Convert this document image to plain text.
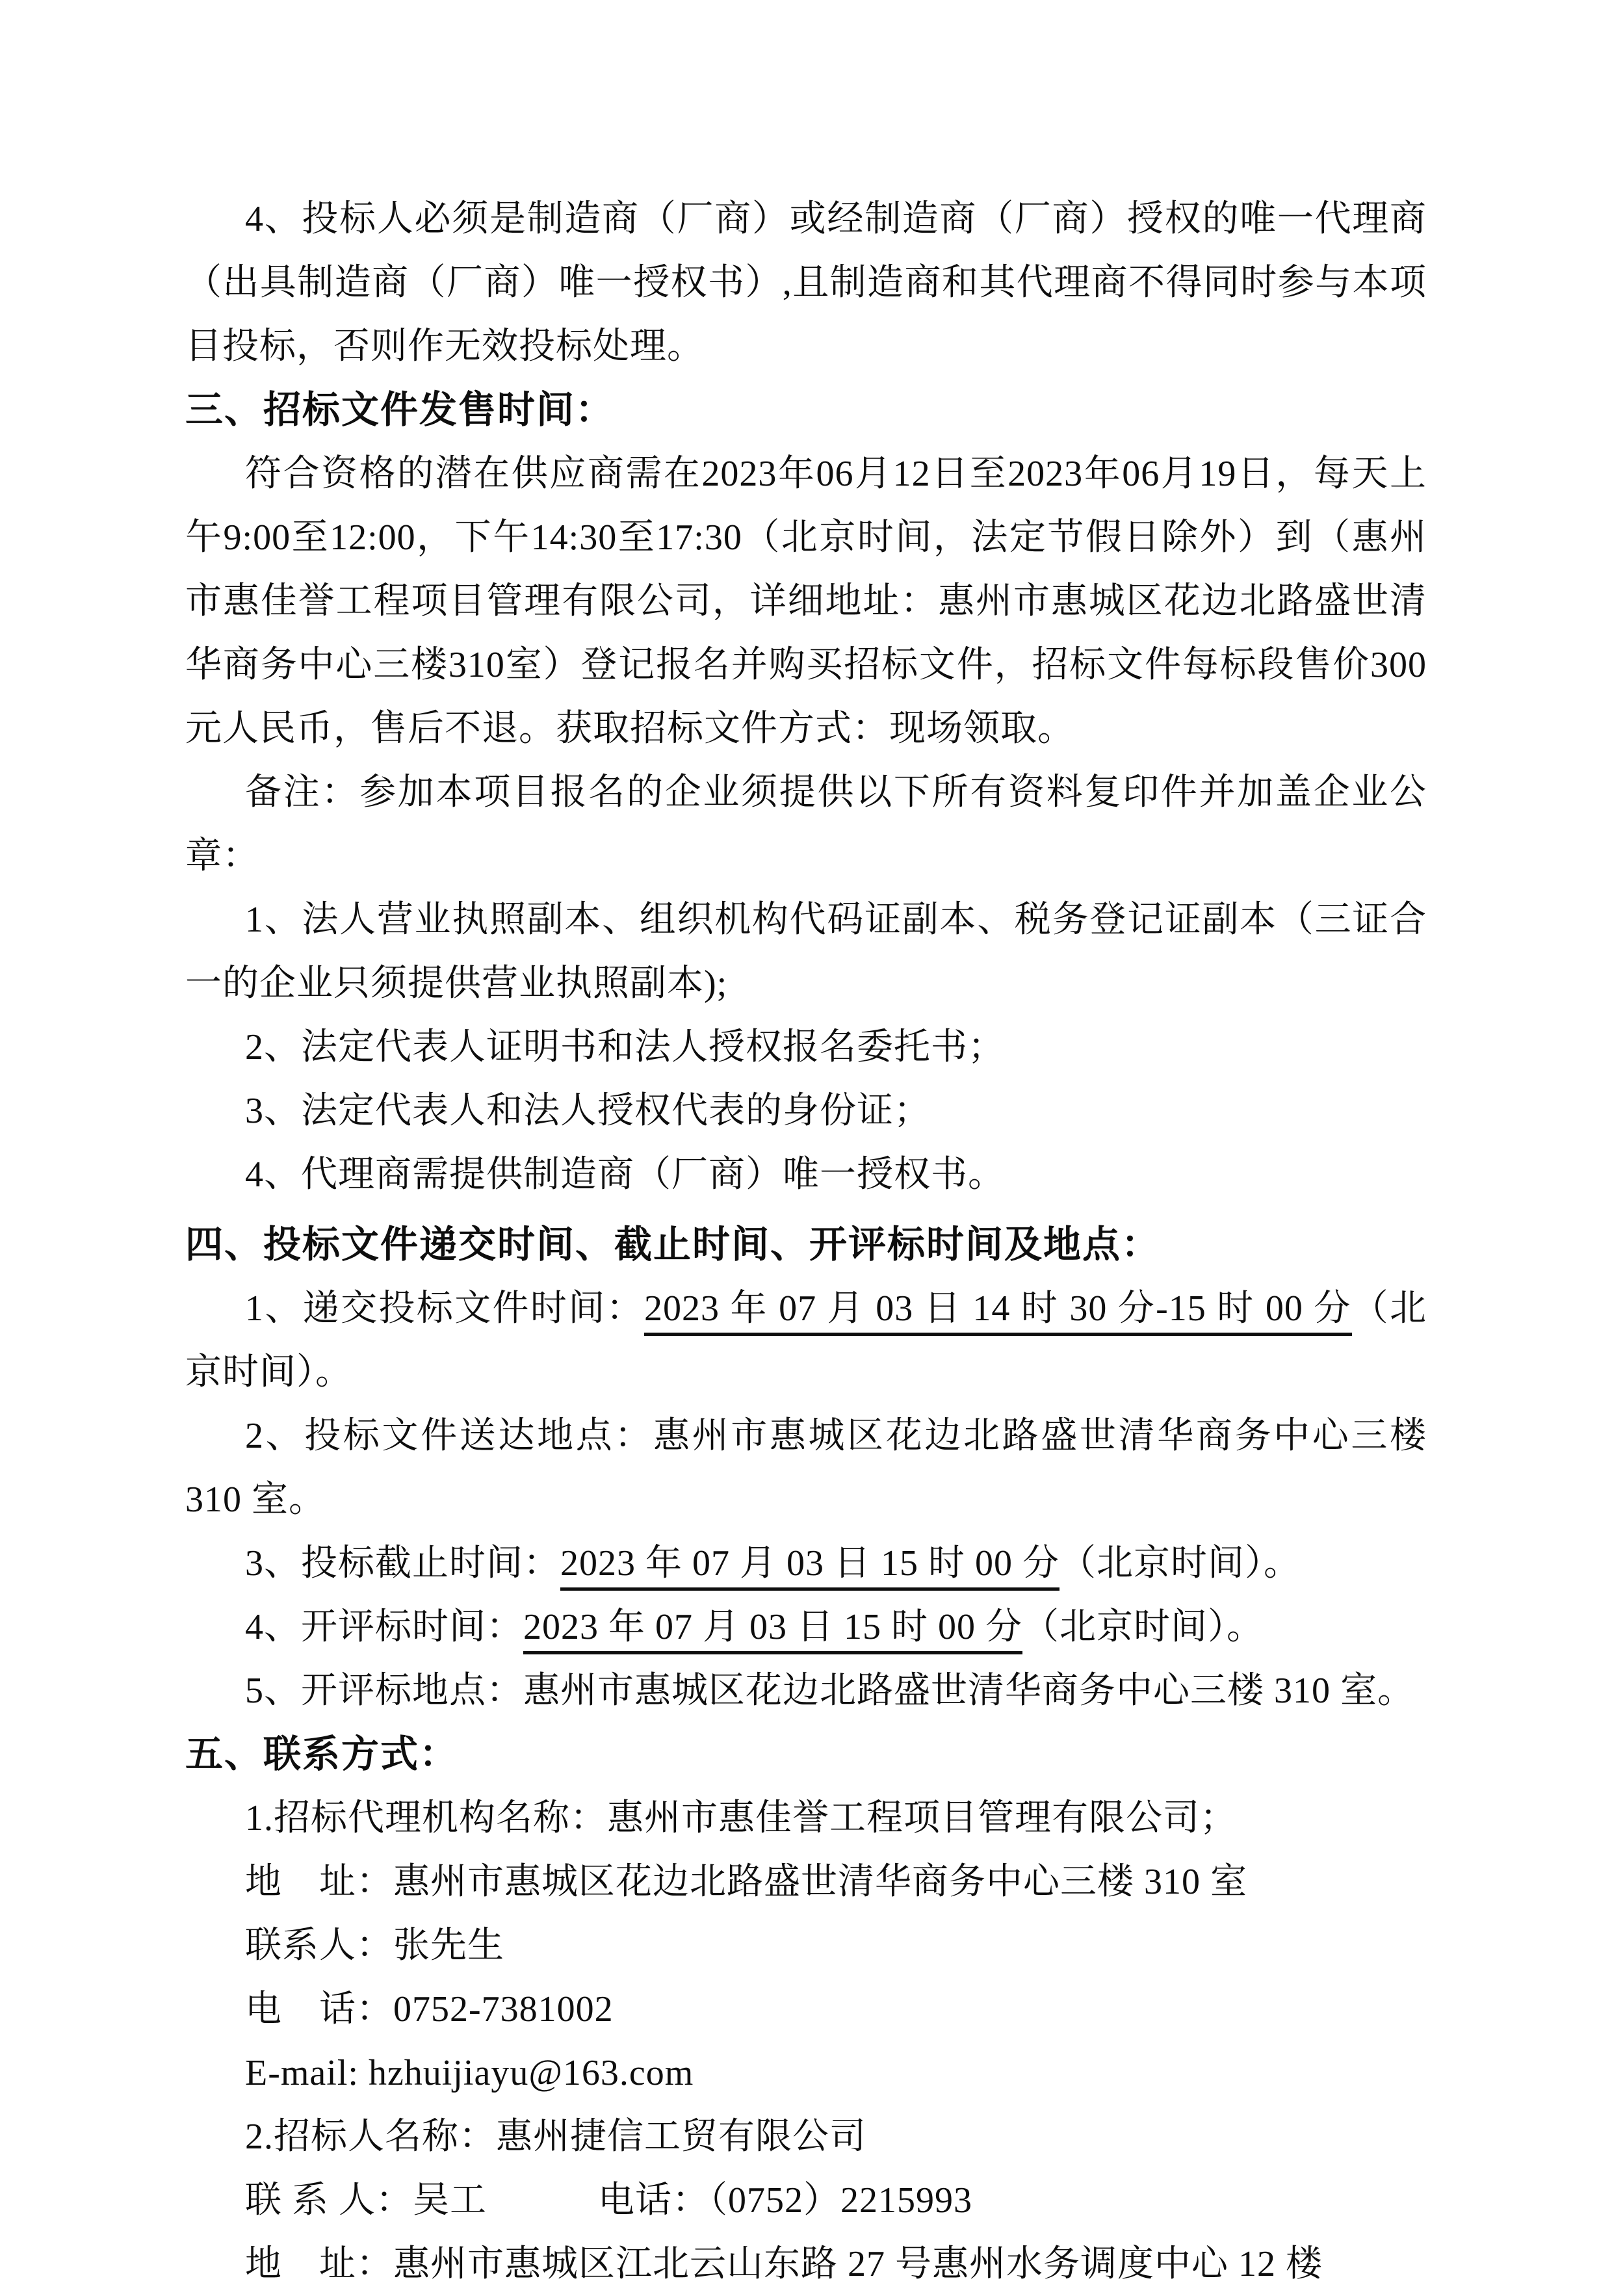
4、投标人必须是制造商（厂商）或经制造商（厂商）授权的唯一代理商（出具制造商（厂商）唯一授权书）,且制造商和其代理商不得同时参与本项目投标，否则作无效投标处理。

三、招标文件发售时间：

符合资格的潜在供应商需在2023年06月12日至2023年06月19日，每天上午9:00至12:00，下午14:30至17:30（北京时间，法定节假日除外）到（惠州市惠佳誉工程项目管理有限公司，详细地址：惠州市惠城区花边北路盛世清华商务中心三楼310室）登记报名并购买招标文件，招标文件每标段售价300元人民币，售后不退。获取招标文件方式：现场领取。

备注：参加本项目报名的企业须提供以下所有资料复印件并加盖企业公章：

1、法人营业执照副本、组织机构代码证副本、税务登记证副本（三证合一的企业只须提供营业执照副本);

2、法定代表人证明书和法人授权报名委托书；

3、法定代表人和法人授权代表的身份证；

4、代理商需提供制造商（厂商）唯一授权书。

四、投标文件递交时间、截止时间、开评标时间及地点：

1、递交投标文件时间：2023 年 07 月 03 日 14 时 30 分-15 时 00 分（北京时间）。

2、投标文件送达地点：惠州市惠城区花边北路盛世清华商务中心三楼 310 室。

3、投标截止时间：2023 年 07 月 03 日 15 时 00 分（北京时间）。

4、开评标时间：2023 年 07 月 03 日 15 时 00 分（北京时间）。

5、开评标地点：惠州市惠城区花边北路盛世清华商务中心三楼 310 室。

五、联系方式：

1.招标代理机构名称：惠州市惠佳誉工程项目管理有限公司；

地　址：惠州市惠城区花边北路盛世清华商务中心三楼 310 室

联系人：张先生

电　话：0752-7381002

E-mail: hzhuijiayu@163.com

2.招标人名称：惠州捷信工贸有限公司

联 系 人：吴工　　　电话：（0752）2215993

地　址：惠州市惠城区江北云山东路 27 号惠州水务调度中心 12 楼
